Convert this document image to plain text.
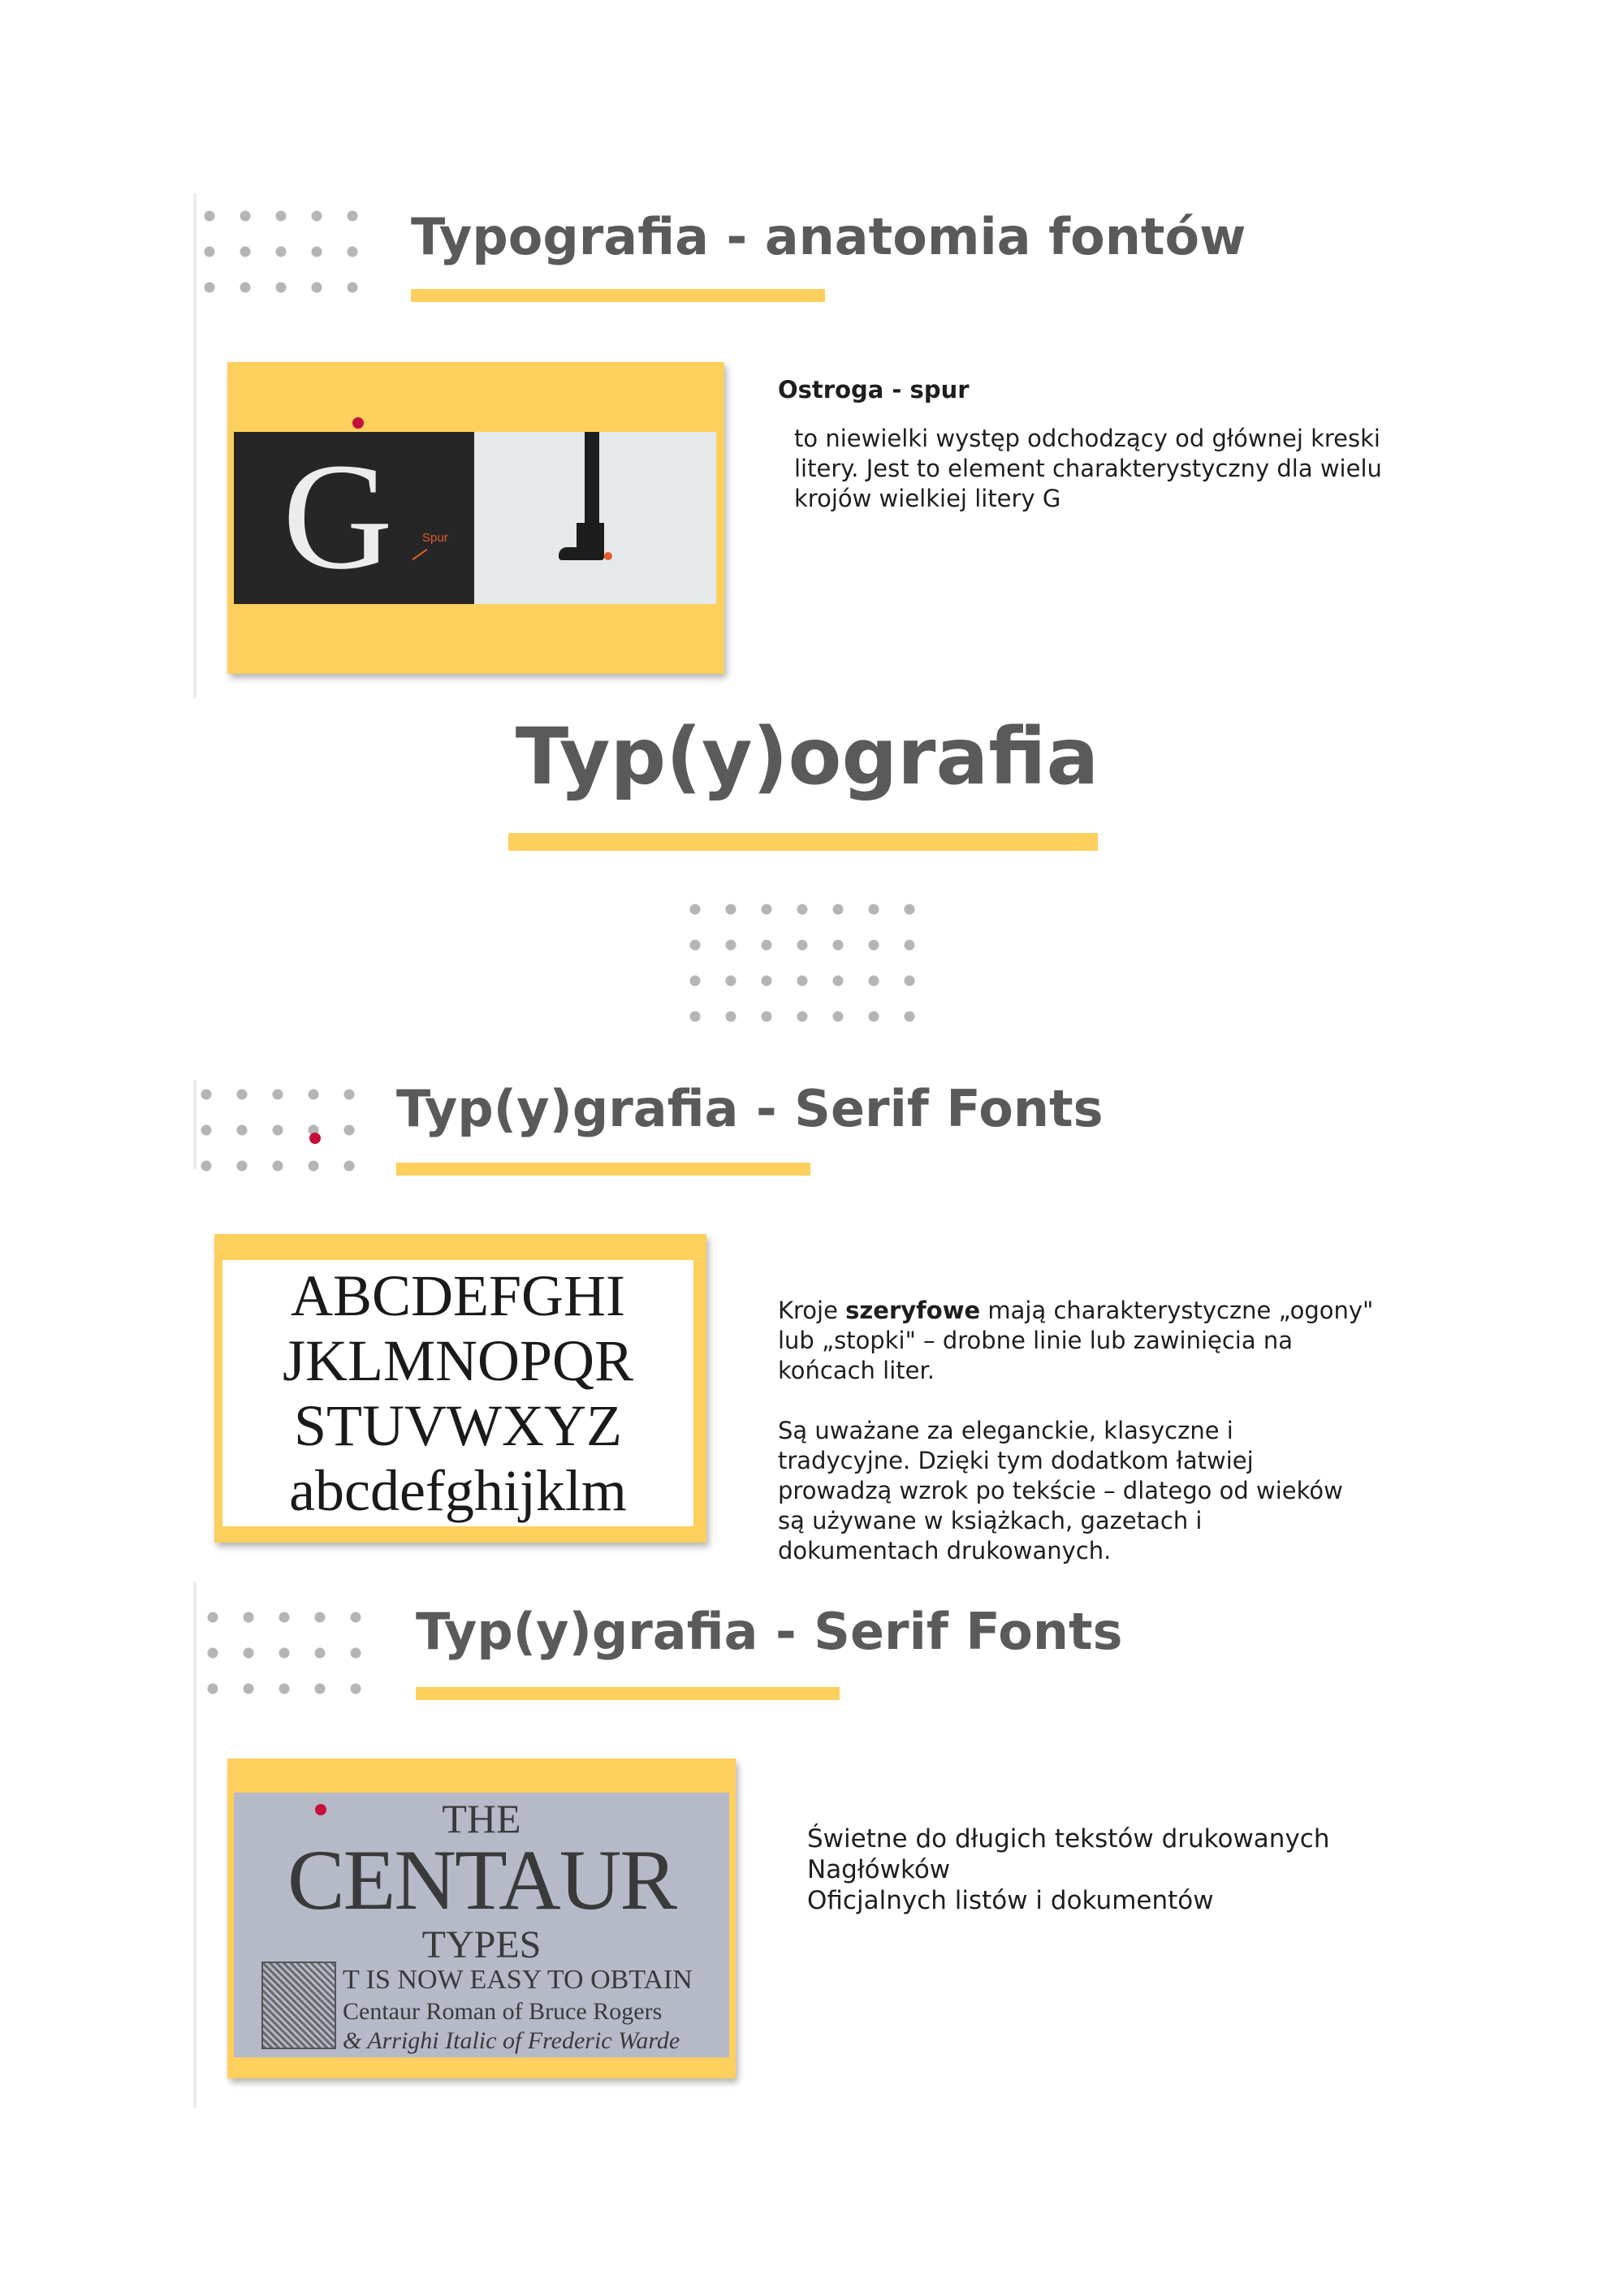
Typografia - anatomia fontów
G Spur
Ostroga - spur
to niewielki występ odchodzący od głównej kreski
litery. Jest to element charakterystyczny dla wielu
krojów wielkiej litery G
Typ(y)ografia
Typ(y)grafia - Serif Fonts
ABCDEFGHI
JKLMNOPQR
STUVWXYZ
abcdefghijklm
Kroje szeryfowe mają charakterystyczne „ogony"
lub „stopki" – drobne linie lub zawinięcia na
końcach liter.
Są uważane za eleganckie, klasyczne i
tradycyjne. Dzięki tym dodatkom łatwiej
prowadzą wzrok po tekście – dlatego od wieków
są używane w książkach, gazetach i
dokumentach drukowanych.
Typ(y)grafia - Serif Fonts
THE
CENTAUR
TYPES
T IS NOW EASY TO OBTAIN
Centaur Roman of Bruce Rogers
& Arrighi Italic of Frederic Warde
Świetne do długich tekstów drukowanych
Nagłówków
Oficjalnych listów i dokumentów
